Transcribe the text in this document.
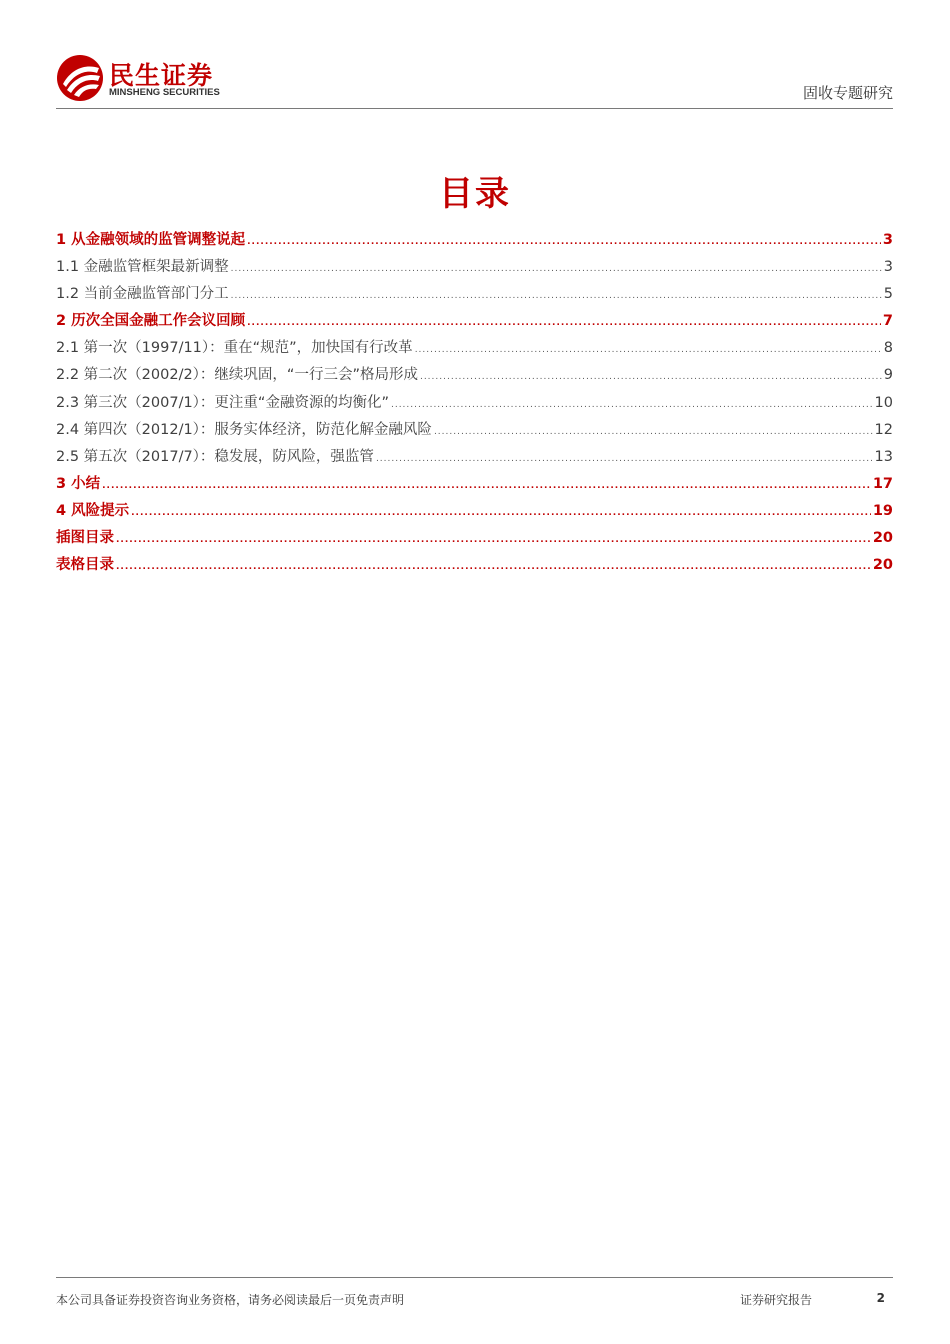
民生证券
MINSHENG SECURITIES	固收专题研究
目录
1 从金融领域的监管调整说起 .....	3
1.1 金融监管框架最新调整 .....	3
1.2 当前金融监管部门分工 .....	5
2 历次全国金融工作会议回顾 .....	7
2.1 第一次（1997/11）：重在“规范”，加快国有行改革 .....	8
2.2 第二次（2002/2）：继续巩固，“一行三会”格局形成 .....	9
2.3 第三次（2007/1）：更注重“金融资源的均衡化” .....	10
2.4 第四次（2012/1）：服务实体经济，防范化解金融风险 .....	12
2.5 第五次（2017/7）：稳发展，防风险，强监管 .....	13
3 小结 .....	17
4 风险提示 .....	19
插图目录 .....	20
表格目录 .....	20
本公司具备证券投资咨询业务资格，请务必阅读最后一页免责声明	证券研究报告	2
